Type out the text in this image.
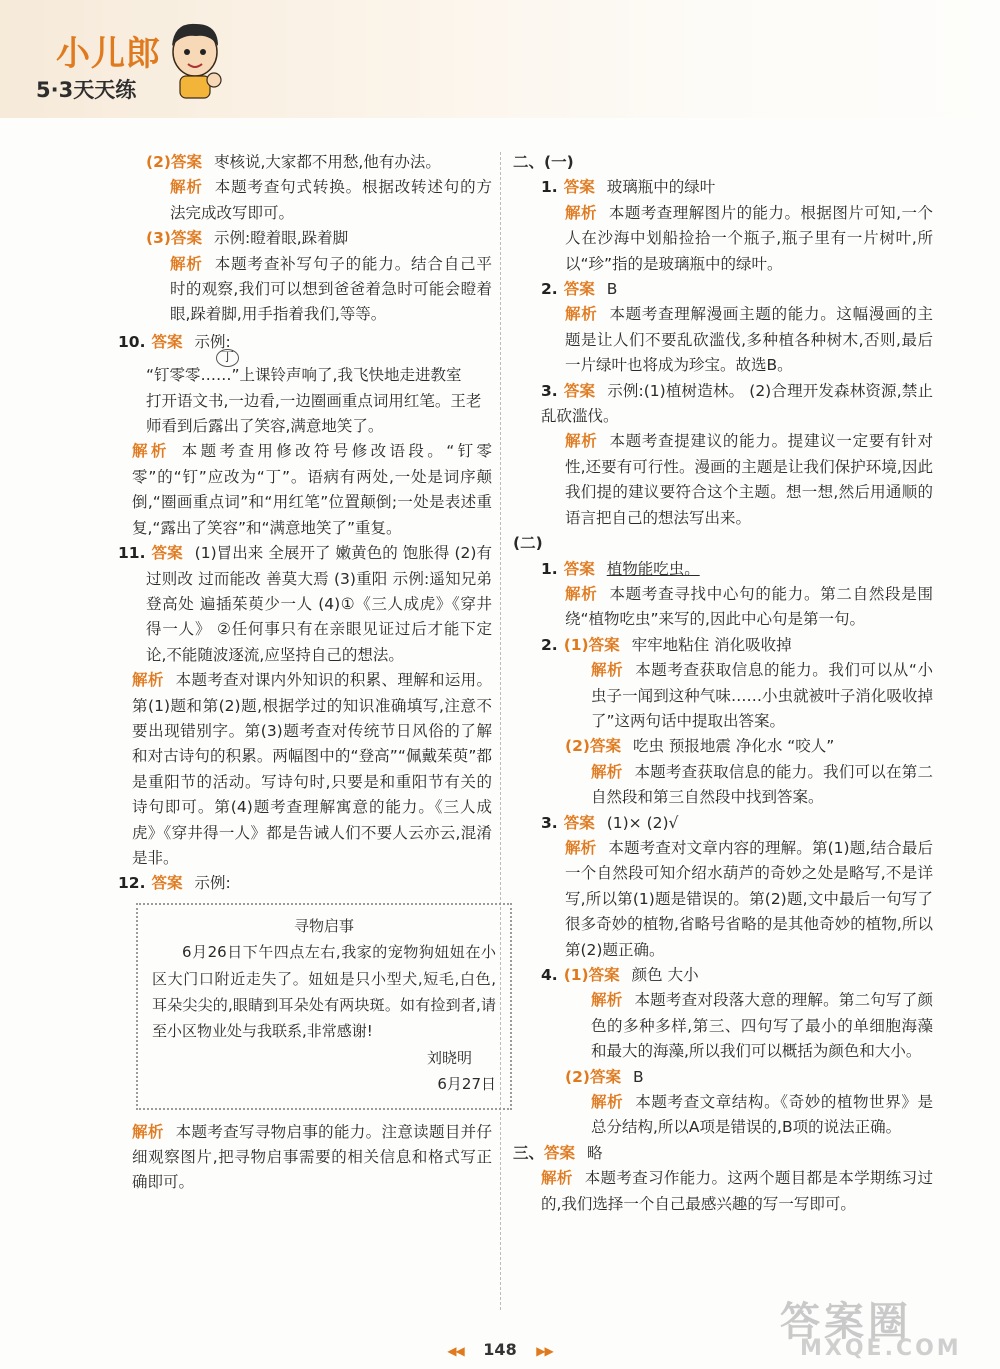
小儿郎
5·3天天练

(2)答案 枣核说,大家都不用愁,他有办法。

解析 本题考查句式转换。根据改转述句的方法完成改写即可。

(3)答案 示例:瞪着眼,跺着脚

解析 本题考查补写句子的能力。结合自己平时的观察,我们可以想到爸爸着急时可能会瞪着眼,跺着脚,用手指着我们,等等。

10. 答案 示例:

丁

“钉零零……”上课铃声响了,我飞快地走进教室

打开语文书,一边看,一边圈画重点词用红笔。王老

师看到后露出了笑容,满意地笑了。

解析 本题考查用修改符号修改语段。“钉零零”的“钉”应改为“丁”。语病有两处,一处是词序颠倒,“圈画重点词”和“用红笔”位置颠倒;一处是表述重复,“露出了笑容”和“满意地笑了”重复。

11. 答案 (1)冒出来 全展开了 嫩黄色的 饱胀得 (2)有过则改 过而能改 善莫大焉 (3)重阳 示例:遥知兄弟登高处 遍插茱萸少一人 (4)①《三人成虎》《穿井得一人》 ②任何事只有在亲眼见证过后才能下定论,不能随波逐流,应坚持自己的想法。

解析 本题考查对课内外知识的积累、理解和运用。第(1)题和第(2)题,根据学过的知识准确填写,注意不要出现错别字。第(3)题考查对传统节日风俗的了解和对古诗句的积累。两幅图中的“登高”“佩戴茱萸”都是重阳节的活动。写诗句时,只要是和重阳节有关的诗句即可。第(4)题考查理解寓意的能力。《三人成虎》《穿井得一人》都是告诫人们不要人云亦云,混淆是非。

12. 答案 示例:

寻物启事
6月26日下午四点左右,我家的宠物狗妞妞在小区大门口附近走失了。妞妞是只小型犬,短毛,白色,耳朵尖尖的,眼睛到耳朵处有两块斑。如有捡到者,请至小区物业处与我联系,非常感谢!
刘晓明
6月27日

解析 本题考查写寻物启事的能力。注意读题目并仔细观察图片,把寻物启事需要的相关信息和格式写正确即可。

二、(一)

1. 答案 玻璃瓶中的绿叶

解析 本题考查理解图片的能力。根据图片可知,一个人在沙海中划船捡拾一个瓶子,瓶子里有一片树叶,所以“珍”指的是玻璃瓶中的绿叶。

2. 答案 B

解析 本题考查理解漫画主题的能力。这幅漫画的主题是让人们不要乱砍滥伐,多种植各种树木,否则,最后一片绿叶也将成为珍宝。故选B。

3. 答案 示例:(1)植树造林。 (2)合理开发森林资源,禁止乱砍滥伐。

解析 本题考查提建议的能力。提建议一定要有针对性,还要有可行性。漫画的主题是让我们保护环境,因此我们提的建议要符合这个主题。想一想,然后用通顺的语言把自己的想法写出来。

(二)

1. 答案 植物能吃虫。

解析 本题考查寻找中心句的能力。第二自然段是围绕“植物吃虫”来写的,因此中心句是第一句。

2. (1)答案 牢牢地粘住 消化吸收掉

解析 本题考查获取信息的能力。我们可以从“小虫子一闻到这种气味……小虫就被叶子消化吸收掉了”这两句话中提取出答案。

(2)答案 吃虫 预报地震 净化水 “咬人”

解析 本题考查获取信息的能力。我们可以在第二自然段和第三自然段中找到答案。

3. 答案 (1)× (2)√

解析 本题考查对文章内容的理解。第(1)题,结合最后一个自然段可知介绍水葫芦的奇妙之处是略写,不是详写,所以第(1)题是错误的。第(2)题,文中最后一句写了很多奇妙的植物,省略号省略的是其他奇妙的植物,所以第(2)题正确。

4. (1)答案 颜色 大小

解析 本题考查对段落大意的理解。第二句写了颜色的多种多样,第三、四句写了最小的单细胞海藻和最大的海藻,所以我们可以概括为颜色和大小。

(2)答案 B

解析 本题考查文章结构。《奇妙的植物世界》是总分结构,所以A项是错误的,B项的说法正确。

三、答案 略

解析 本题考查习作能力。这两个题目都是本学期练习过的,我们选择一个自己最感兴趣的写一写即可。

答案圈
MXQE.COM
◀◀ 148 ▶▶
